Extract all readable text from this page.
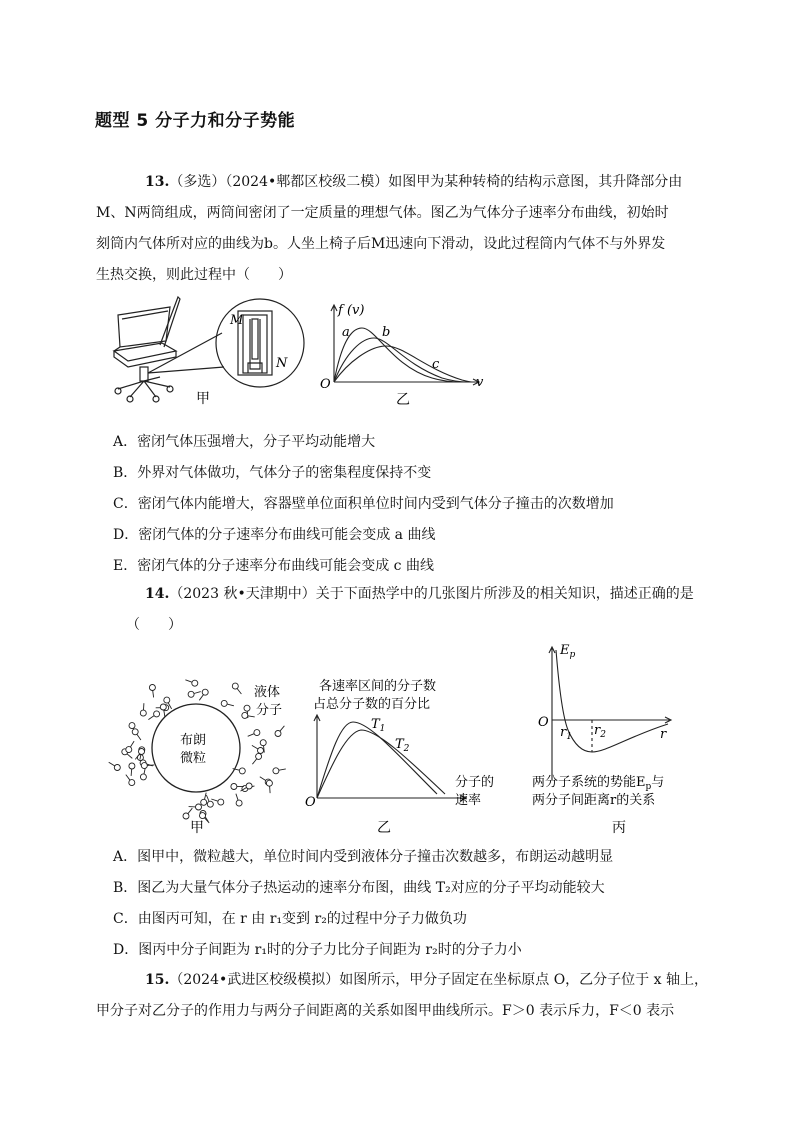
题型 5 分子力和分子势能
13.（多选）（2024•郫都区校级二模）如图甲为某种转椅的结构示意图，其升降部分由
M、N两筒组成，两筒间密闭了一定质量的理想气体。图乙为气体分子速率分布曲线，初始时
刻筒内气体所对应的曲线为b。人坐上椅子后M迅速向下滑动，设此过程筒内气体不与外界发
生热交换，则此过程中（　　）
M
N
甲
f (v)
O	v
a b
c
乙
A．密闭气体压强增大，分子平均动能增大
B．外界对气体做功，气体分子的密集程度保持不变
C．密闭气体内能增大，容器壁单位面积单位时间内受到气体分子撞击的次数增加
D．密闭气体的分子速率分布曲线可能会变成 a 曲线
E．密闭气体的分子速率分布曲线可能会变成 c 曲线
14.（2023 秋•天津期中）关于下面热学中的几张图片所涉及的相关知识，描述正确的是
（　　）
布朗
微粒
液体
分子
甲
各速率区间的分子数
占总分子数的百分比
$T_1$
$T_2$
O
分子的
速率
乙
$E_p$
O
r
$r_1$ $r_2$
两分子系统的势能$E_p$与
两分子间距离r的关系
丙
A．图甲中，微粒越大，单位时间内受到液体分子撞击次数越多，布朗运动越明显
B．图乙为大量气体分子热运动的速率分布图，曲线 T₂对应的分子平均动能较大
C．由图丙可知，在 r 由 r₁变到 r₂的过程中分子力做负功
D．图丙中分子间距为 r₁时的分子力比分子间距为 r₂时的分子力小
15.（2024•武进区校级模拟）如图所示，甲分子固定在坐标原点 O，乙分子位于 x 轴上，
甲分子对乙分子的作用力与两分子间距离的关系如图甲曲线所示。F＞0 表示斥力，F＜0 表示
